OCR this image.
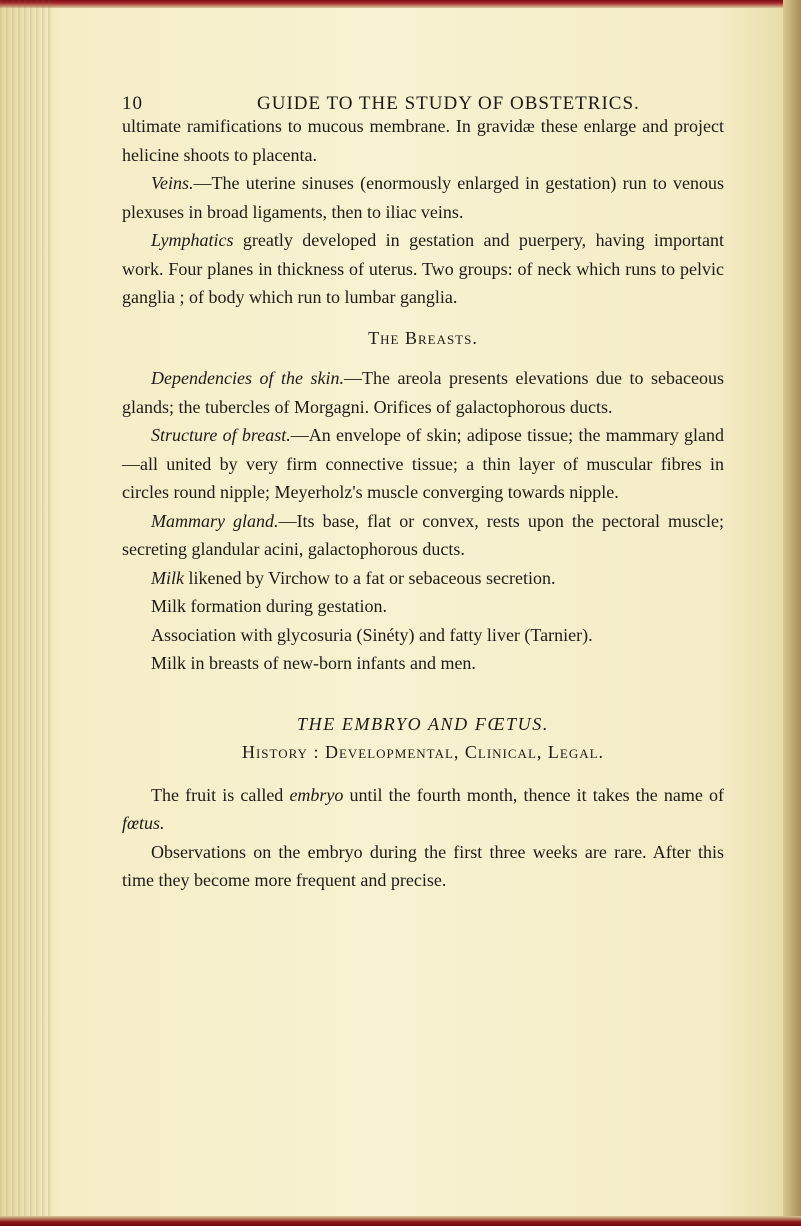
10	GUIDE TO THE STUDY OF OBSTETRICS.

ultimate ramifications to mucous membrane. In gravidæ these enlarge and project helicine shoots to placenta.

Veins.—The uterine sinuses (enormously enlarged in gestation) run to venous plexuses in broad ligaments, then to iliac veins.

Lymphatics greatly developed in gestation and puerpery, having important work. Four planes in thickness of uterus. Two groups: of neck which runs to pelvic ganglia ; of body which run to lumbar ganglia.

The Breasts.

Dependencies of the skin.—The areola presents elevations due to sebaceous glands; the tubercles of Morgagni. Orifices of galactophorous ducts.

Structure of breast.—An envelope of skin; adipose tissue; the mammary gland—all united by very firm connective tissue; a thin layer of muscular fibres in circles round nipple; Meyerholz's muscle converging towards nipple.

Mammary gland.—Its base, flat or convex, rests upon the pectoral muscle; secreting glandular acini, galactophorous ducts.

Milk likened by Virchow to a fat or sebaceous secretion.

Milk formation during gestation.

Association with glycosuria (Sinéty) and fatty liver (Tarnier).

Milk in breasts of new-born infants and men.

THE EMBRYO AND FŒTUS.

History : Developmental, Clinical, Legal.

The fruit is called embryo until the fourth month, thence it takes the name of fœtus.

Observations on the embryo during the first three weeks are rare. After this time they become more frequent and precise.
